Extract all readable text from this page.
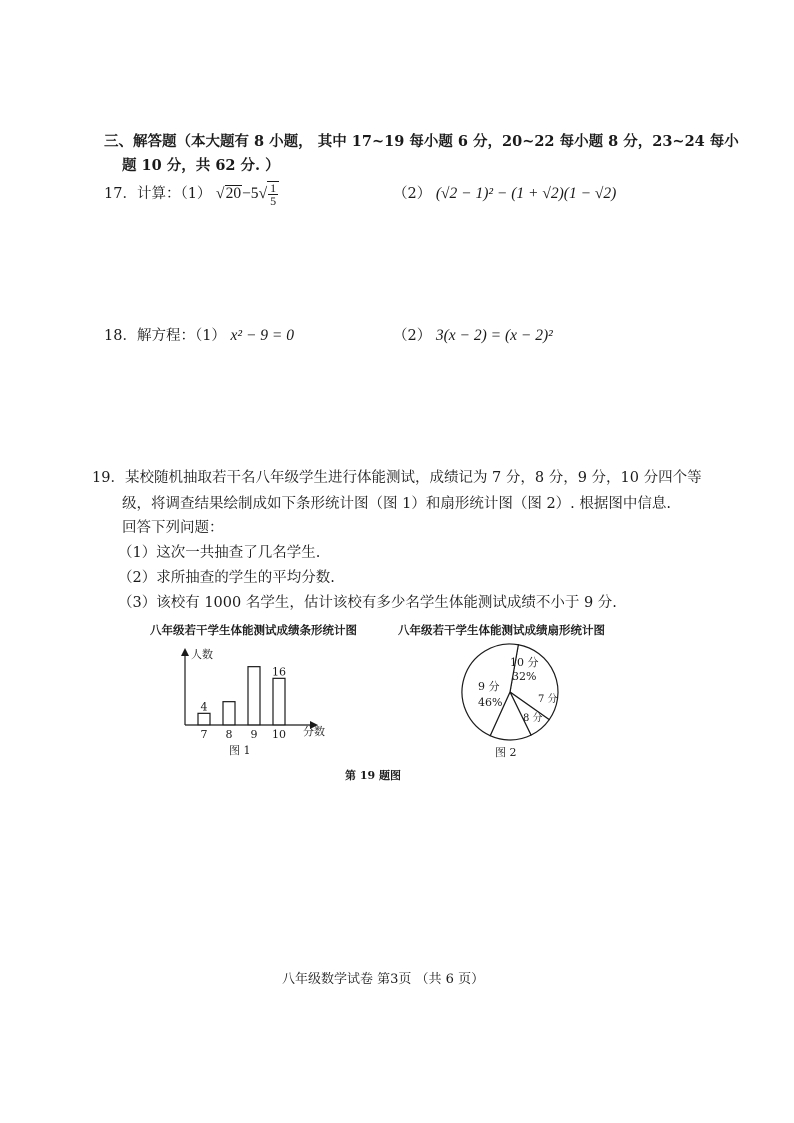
三、解答题（本大题有 8 小题， 其中 17~19 每小题 6 分，20~22 每小题 8 分，23~24 每小
题 10 分，共 62 分. ）
17．计算：（1） $√20-5√ \frac{1}{5}$	（2） (√2 − 1)² − (1 + √2)(1 − √2)
18．解方程：（1） x² − 9 = 0	（2） 3(x − 2) = (x − 2)²
19．某校随机抽取若干名八年级学生进行体能测试，成绩记为 7 分，8 分，9 分，10 分四个等
级，将调查结果绘制成如下条形统计图（图 1）和扇形统计图（图 2）. 根据图中信息.
回答下列问题：
（1）这次一共抽查了几名学生.
（2）求所抽查的学生的平均分数.
（3）该校有 1000 名学生，估计该校有多少名学生体能测试成绩不小于 9 分.
八年级若干学生体能测试成绩条形统计图
人数
分数
7
4
8 9 10
16
图 1
八年级若干学生体能测试成绩扇形统计图
10 分
32%
7 分
8 分
9 分
46%
图 2
第 19 题图
八年级数学试卷 第3页 （共 6 页）
